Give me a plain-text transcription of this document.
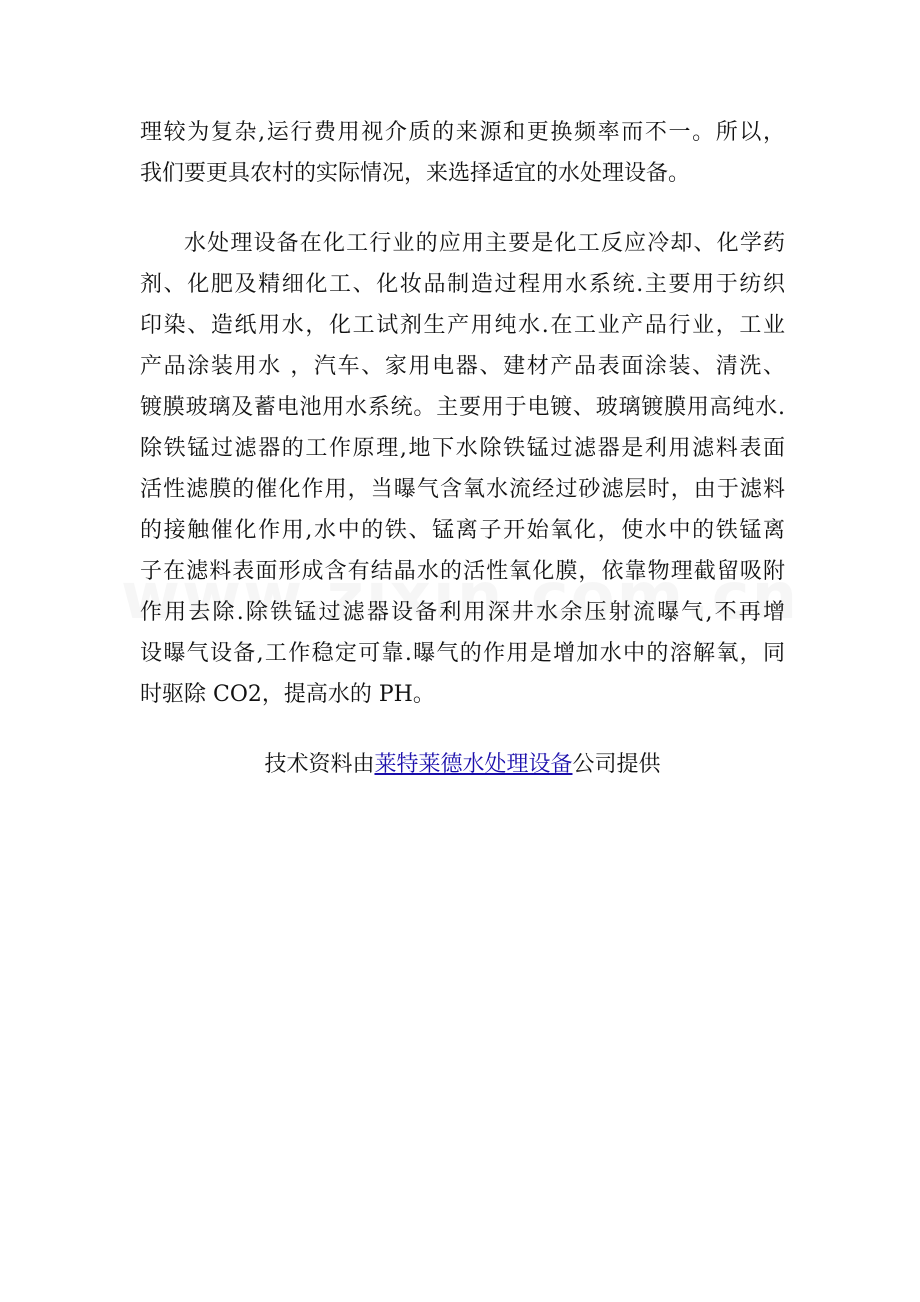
理较为复杂,运行费用视介质的来源和更换频率而不一。所以，
我们要更具农村的实际情况，来选择适宜的水处理设备。
水处理设备在化工行业的应用主要是化工反应冷却、化学药
剂、化肥及精细化工、化妆品制造过程用水系统.主要用于纺织
印染、造纸用水，化工试剂生产用纯水.在工业产品行业，工业
产品涂装用水 ，汽车、家用电器、建材产品表面涂装、清洗、
镀膜玻璃及蓄电池用水系统。主要用于电镀、玻璃镀膜用高纯水.
除铁锰过滤器的工作原理,地下水除铁锰过滤器是利用滤料表面
活性滤膜的催化作用，当曝气含氧水流经过砂滤层时，由于滤料
的接触催化作用,水中的铁、锰离子开始氧化，使水中的铁锰离
子在滤料表面形成含有结晶水的活性氧化膜，依靠物理截留吸附
作用去除.除铁锰过滤器设备利用深井水余压射流曝气,不再增
设曝气设备,工作稳定可靠.曝气的作用是增加水中的溶解氧，同
时驱除 CO2，提高水的 PH。
技术资料由莱特莱德水处理设备公司提供
